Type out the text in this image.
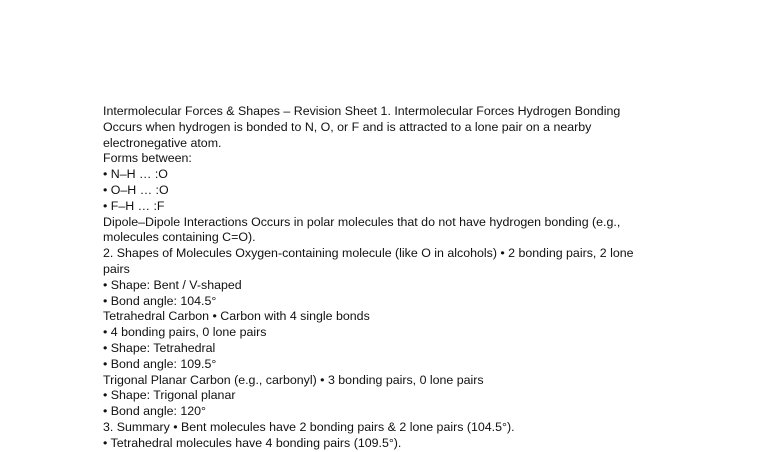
Intermolecular Forces & Shapes – Revision Sheet 1. Intermolecular Forces Hydrogen Bonding
Occurs when hydrogen is bonded to N, O, or F and is attracted to a lone pair on a nearby
electronegative atom.
Forms between:
• N–H … :O
• O–H … :O
• F–H … :F
Dipole–Dipole Interactions Occurs in polar molecules that do not have hydrogen bonding (e.g.,
molecules containing C=O).
2. Shapes of Molecules Oxygen-containing molecule (like O in alcohols) • 2 bonding pairs, 2 lone
pairs
• Shape: Bent / V-shaped
• Bond angle: 104.5°
Tetrahedral Carbon • Carbon with 4 single bonds
• 4 bonding pairs, 0 lone pairs
• Shape: Tetrahedral
• Bond angle: 109.5°
Trigonal Planar Carbon (e.g., carbonyl) • 3 bonding pairs, 0 lone pairs
• Shape: Trigonal planar
• Bond angle: 120°
3. Summary • Bent molecules have 2 bonding pairs & 2 lone pairs (104.5°).
• Tetrahedral molecules have 4 bonding pairs (109.5°).
